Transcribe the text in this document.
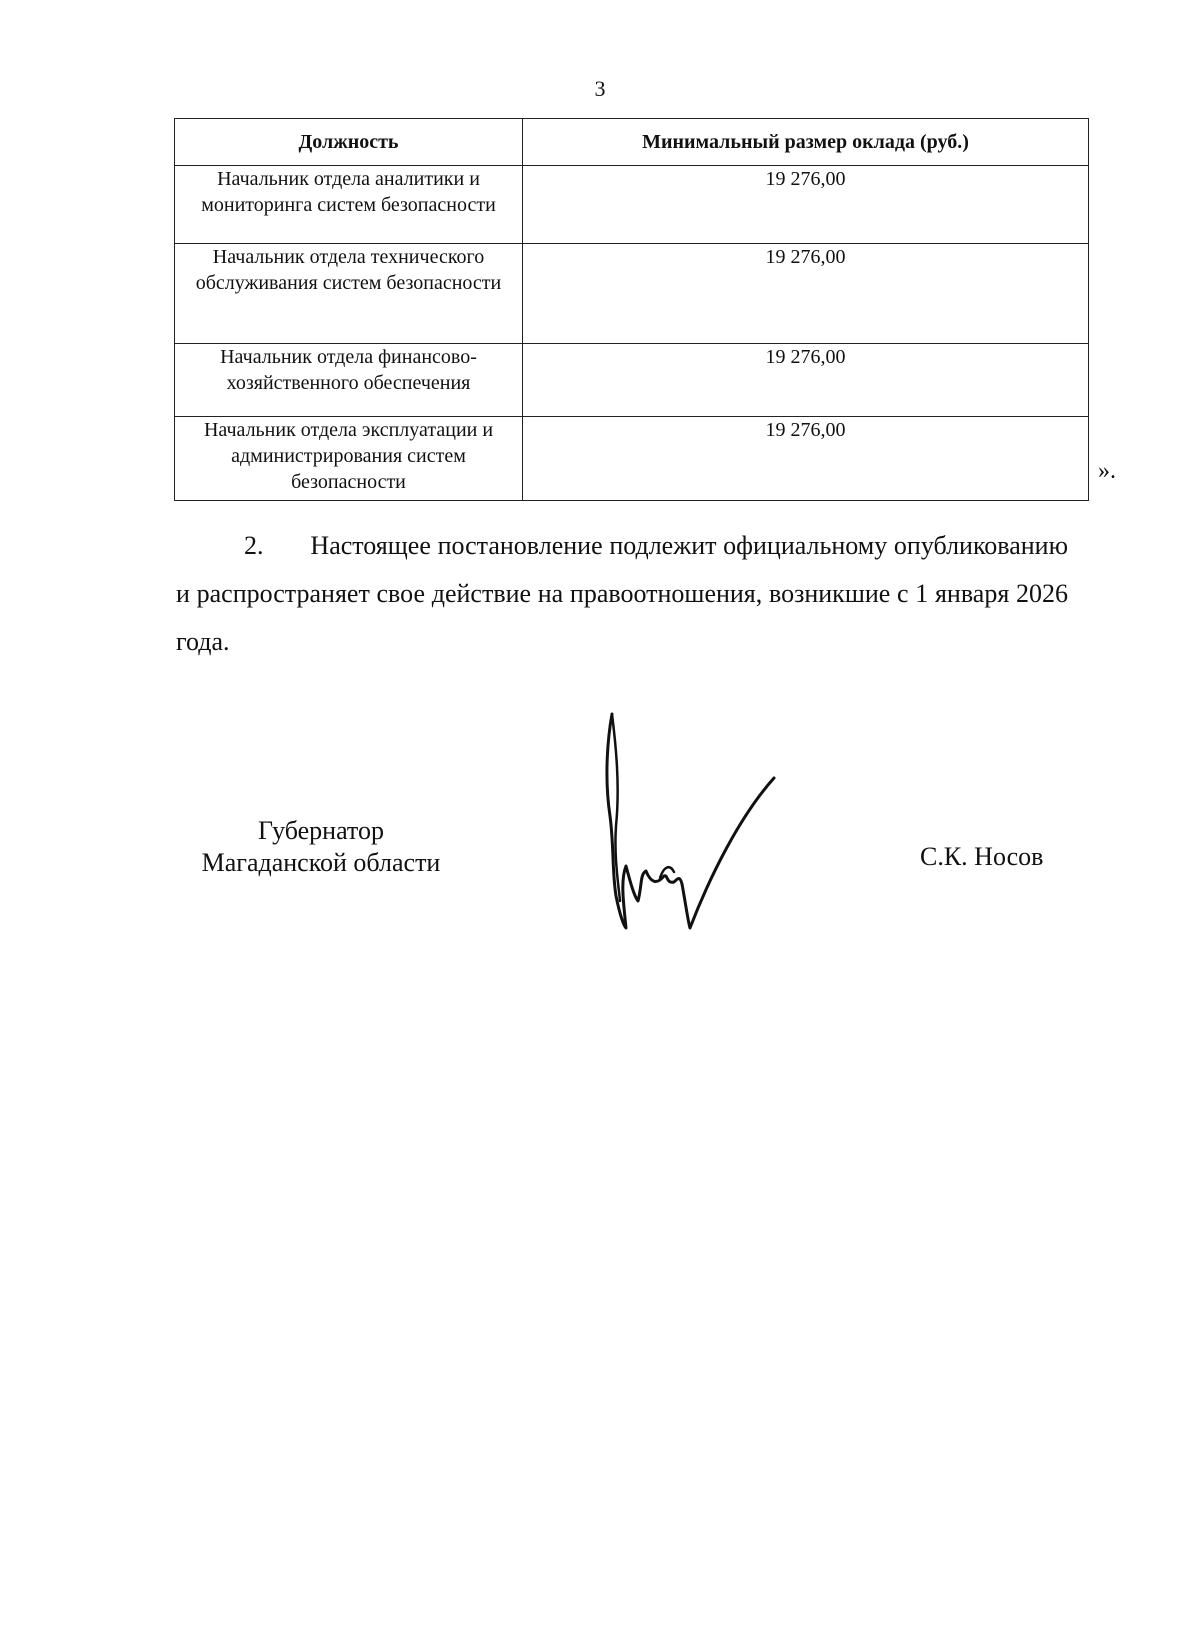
3
Должность	Минимальный размер оклада (руб.)
Начальник отдела аналитики и мониторинга систем безопасности	19 276,00
Начальник отдела технического обслуживания систем безопасности	19 276,00
Начальник отдела финансово-хозяйственного обеспечения	19 276,00
Начальник отдела эксплуатации и администрирования систем безопасности	19 276,00
».
2. Настоящее постановление подлежит официальному опубликованию и распространяет свое действие на правоотношения, возникшие с 1 января 2026 года.
Губернатор
Магаданской области	С.К. Носов
